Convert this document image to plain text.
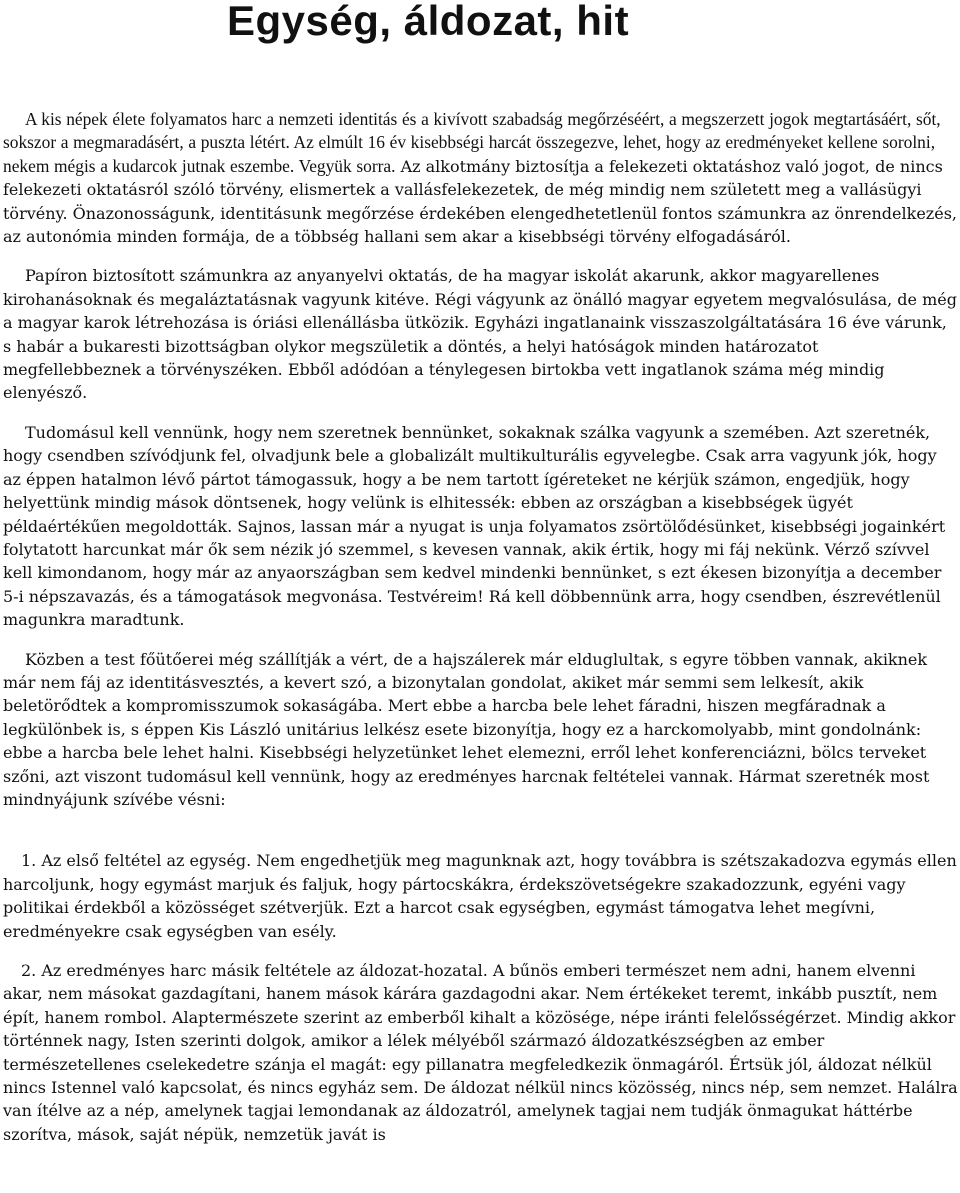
Egység, áldozat, hit

A kis népek élete folyamatos harc a nemzeti identitás és a kivívott szabadság megőrzéséért, a megszerzett jogok megtartásáért, sőt, sokszor a megmaradásért, a puszta létért. Az elmúlt 16 év kisebbségi harcát összegezve, lehet, hogy az eredményeket kellene sorolni, nekem mégis a kudarcok jutnak eszembe. Vegyük sorra. Az alkotmány biztosítja a felekezeti oktatáshoz való jogot, de nincs felekezeti oktatásról szóló törvény, elismertek a vallásfelekezetek, de még mindig nem született meg a vallásügyi törvény. Önazonosságunk, identitásunk megőrzése érdekében elengedhetetlenül fontos számunkra az önrendelkezés, az autonómia minden formája, de a többség hallani sem akar a kisebbségi törvény elfogadásáról.

Papíron biztosított számunkra az anyanyelvi oktatás, de ha magyar iskolát akarunk, akkor magyarellenes kirohanásoknak és megaláztatásnak vagyunk kitéve. Régi vágyunk az önálló magyar egyetem megvalósulása, de még a magyar karok létrehozása is óriási ellenállásba ütközik. Egyházi ingatlanaink visszaszolgáltatására 16 éve várunk, s habár a bukaresti bizottságban olykor megszületik a döntés, a helyi hatóságok minden határozatot megfellebbeznek a törvényszéken. Ebből adódóan a ténylegesen birtokba vett ingatlanok száma még mindig elenyésző.

Tudomásul kell vennünk, hogy nem szeretnek bennünket, sokaknak szálka vagyunk a szemében. Azt szeretnék, hogy csendben szívódjunk fel, olvadjunk bele a globalizált multikulturális egyvelegbe. Csak arra vagyunk jók, hogy az éppen hatalmon lévő pártot támogassuk, hogy a be nem tartott ígéreteket ne kérjük számon, engedjük, hogy helyettünk mindig mások döntsenek, hogy velünk is elhitessék: ebben az országban a kisebbségek ügyét példaértékűen megoldották. Sajnos, lassan már a nyugat is unja folyamatos zsörtölődésünket, kisebbségi jogainkért folytatott harcunkat már ők sem nézik jó szemmel, s kevesen vannak, akik értik, hogy mi fáj nekünk. Vérző szívvel kell kimondanom, hogy már az anyaországban sem kedvel mindenki bennünket, s ezt ékesen bizonyítja a december 5-i népszavazás, és a támogatások megvonása. Testvéreim! Rá kell döbbennünk arra, hogy csendben, észrevétlenül magunkra maradtunk.

Közben a test főütőerei még szállítják a vért, de a hajszálerek már elduglultak, s egyre többen vannak, akiknek már nem fáj az identitásvesztés, a kevert szó, a bizonytalan gondolat, akiket már semmi sem lelkesít, akik beletörődtek a kompromisszumok sokaságába. Mert ebbe a harcba bele lehet fáradni, hiszen megfáradnak a legkülönbek is, s éppen Kis László unitárius lelkész esete bizonyítja, hogy ez a harckomolyabb, mint gondolnánk: ebbe a harcba bele lehet halni. Kisebbségi helyzetünket lehet elemezni, erről lehet konferenciázni, bölcs terveket szőni, azt viszont tudomásul kell vennünk, hogy az eredményes harcnak feltételei vannak. Hármat szeretnék most mindnyájunk szívébe vésni:

1. Az első feltétel az egység. Nem engedhetjük meg magunknak azt, hogy továbbra is szétszakadozva egymás ellen harcoljunk, hogy egymást marjuk és faljuk, hogy pártocskákra, érdekszövetségekre szakadozzunk, egyéni vagy politikai érdekből a közösséget szétverjük. Ezt a harcot csak egységben, egymást támogatva lehet megívni, eredményekre csak egységben van esély.

2. Az eredményes harc másik feltétele az áldozat-hozatal. A bűnös emberi természet nem adni, hanem elvenni akar, nem másokat gazdagítani, hanem mások kárára gazdagodni akar. Nem értékeket teremt, inkább pusztít, nem épít, hanem rombol. Alaptermészete szerint az emberből kihalt a közösége, népe iránti felelősségérzet. Mindig akkor történnek nagy, Isten szerinti dolgok, amikor a lélek mélyéből származó áldozatkészségben az ember természetellenes cselekedetre szánja el magát: egy pillanatra megfeledkezik önmagáról. Értsük jól, áldozat nélkül nincs Istennel való kapcsolat, és nincs egyház sem. De áldozat nélkül nincs közösség, nincs nép, sem nemzet. Halálra van ítélve az a nép, amelynek tagjai lemondanak az áldozatról, amelynek tagjai nem tudják önmagukat háttérbe szorítva, mások, saját népük, nemzetük javát is
